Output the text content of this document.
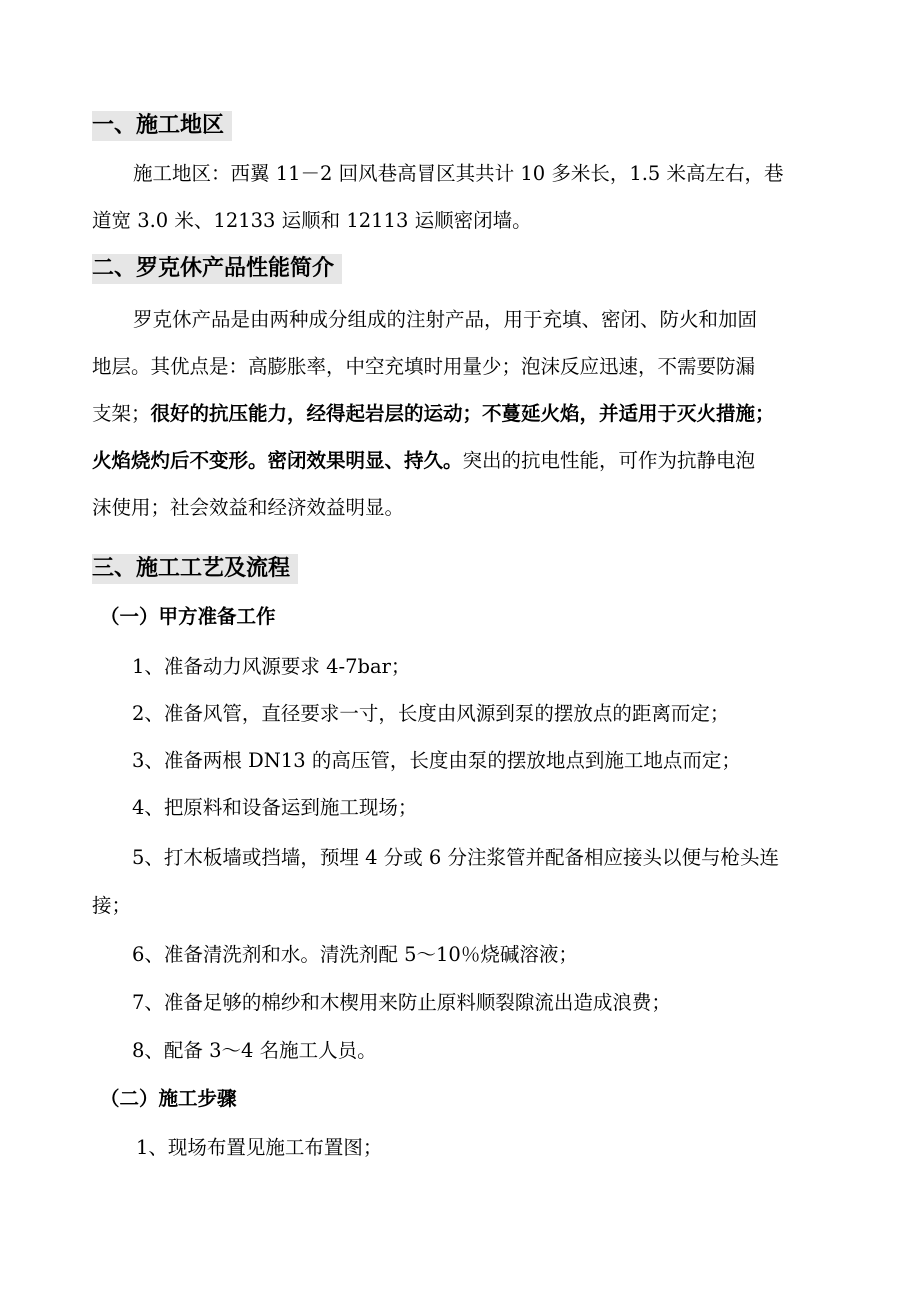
一、施工地区
施工地区：西翼 11－2 回风巷高冒区其共计 10 多米长，1.5 米高左右，巷
道宽 3.0 米、12133 运顺和 12113 运顺密闭墙。
二、罗克休产品性能简介
罗克休产品是由两种成分组成的注射产品，用于充填、密闭、防火和加固
地层。其优点是：高膨胀率，中空充填时用量少；泡沫反应迅速，不需要防漏
支架；很好的抗压能力，经得起岩层的运动；不蔓延火焰，并适用于灭火措施；
火焰烧灼后不变形。密闭效果明显、持久。突出的抗电性能，可作为抗静电泡
沫使用；社会效益和经济效益明显。
三、施工工艺及流程
（一）甲方准备工作
1、准备动力风源要求 4-7bar；
2、准备风管，直径要求一寸，长度由风源到泵的摆放点的距离而定；
3、准备两根 DN13 的高压管，长度由泵的摆放地点到施工地点而定；
4、把原料和设备运到施工现场；
5、打木板墙或挡墙，预埋 4 分或 6 分注浆管并配备相应接头以便与枪头连
接；
6、准备清洗剂和水。清洗剂配 5～10％烧碱溶液；
7、准备足够的棉纱和木楔用来防止原料顺裂隙流出造成浪费；
8、配备 3～4 名施工人员。
（二）施工步骤
1、现场布置见施工布置图；
